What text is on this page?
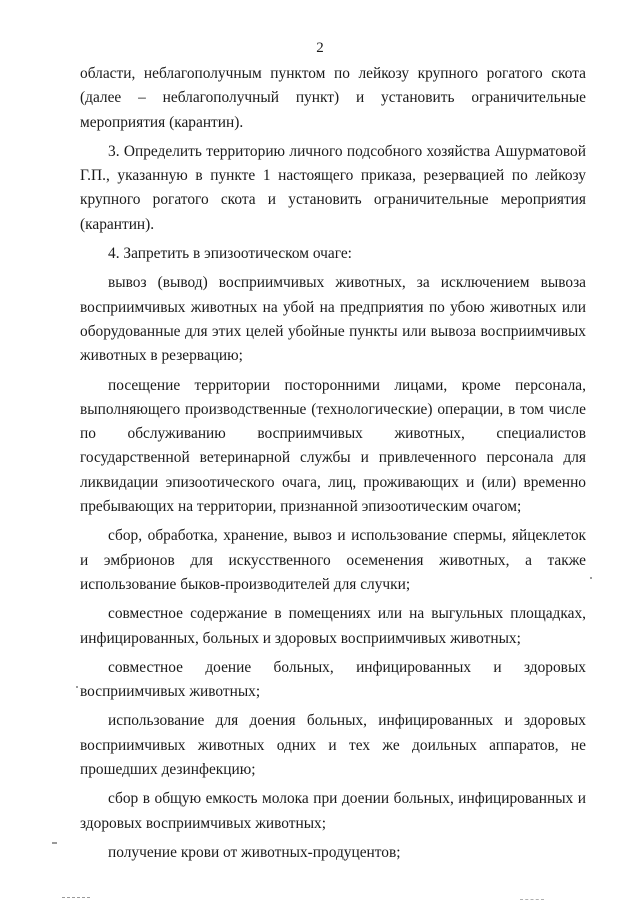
2

области, неблагополучным пунктом по лейкозу крупного рогатого скота (далее – неблагополучный пункт) и установить ограничительные мероприятия (карантин).

3. Определить территорию личного подсобного хозяйства Ашурматовой Г.П., указанную в пункте 1 настоящего приказа, резервацией по лейкозу крупного рогатого скота и установить ограничительные мероприятия (карантин).

4. Запретить в эпизоотическом очаге:

вывоз (вывод) восприимчивых животных, за исключением вывоза восприимчивых животных на убой на предприятия по убою животных или оборудованные для этих целей убойные пункты или вывоза восприимчивых животных в резервацию;

посещение территории посторонними лицами, кроме персонала, выполняющего производственные (технологические) операции, в том числе по обслуживанию восприимчивых животных, специалистов государственной ветеринарной службы и привлеченного персонала для ликвидации эпизоотического очага, лиц, проживающих и (или) временно пребывающих на территории, признанной эпизоотическим очагом;

сбор, обработка, хранение, вывоз и использование спермы, яйцеклеток и эмбрионов для искусственного осеменения животных, а также использование быков-производителей для случки;

совместное содержание в помещениях или на выгульных площадках, инфицированных, больных и здоровых восприимчивых животных;

совместное доение больных, инфицированных и здоровых восприимчивых животных;

использование для доения больных, инфицированных и здоровых восприимчивых животных одних и тех же доильных аппаратов, не прошедших дезинфекцию;

сбор в общую емкость молока при доении больных, инфицированных и здоровых восприимчивых животных;

получение крови от животных-продуцентов;
